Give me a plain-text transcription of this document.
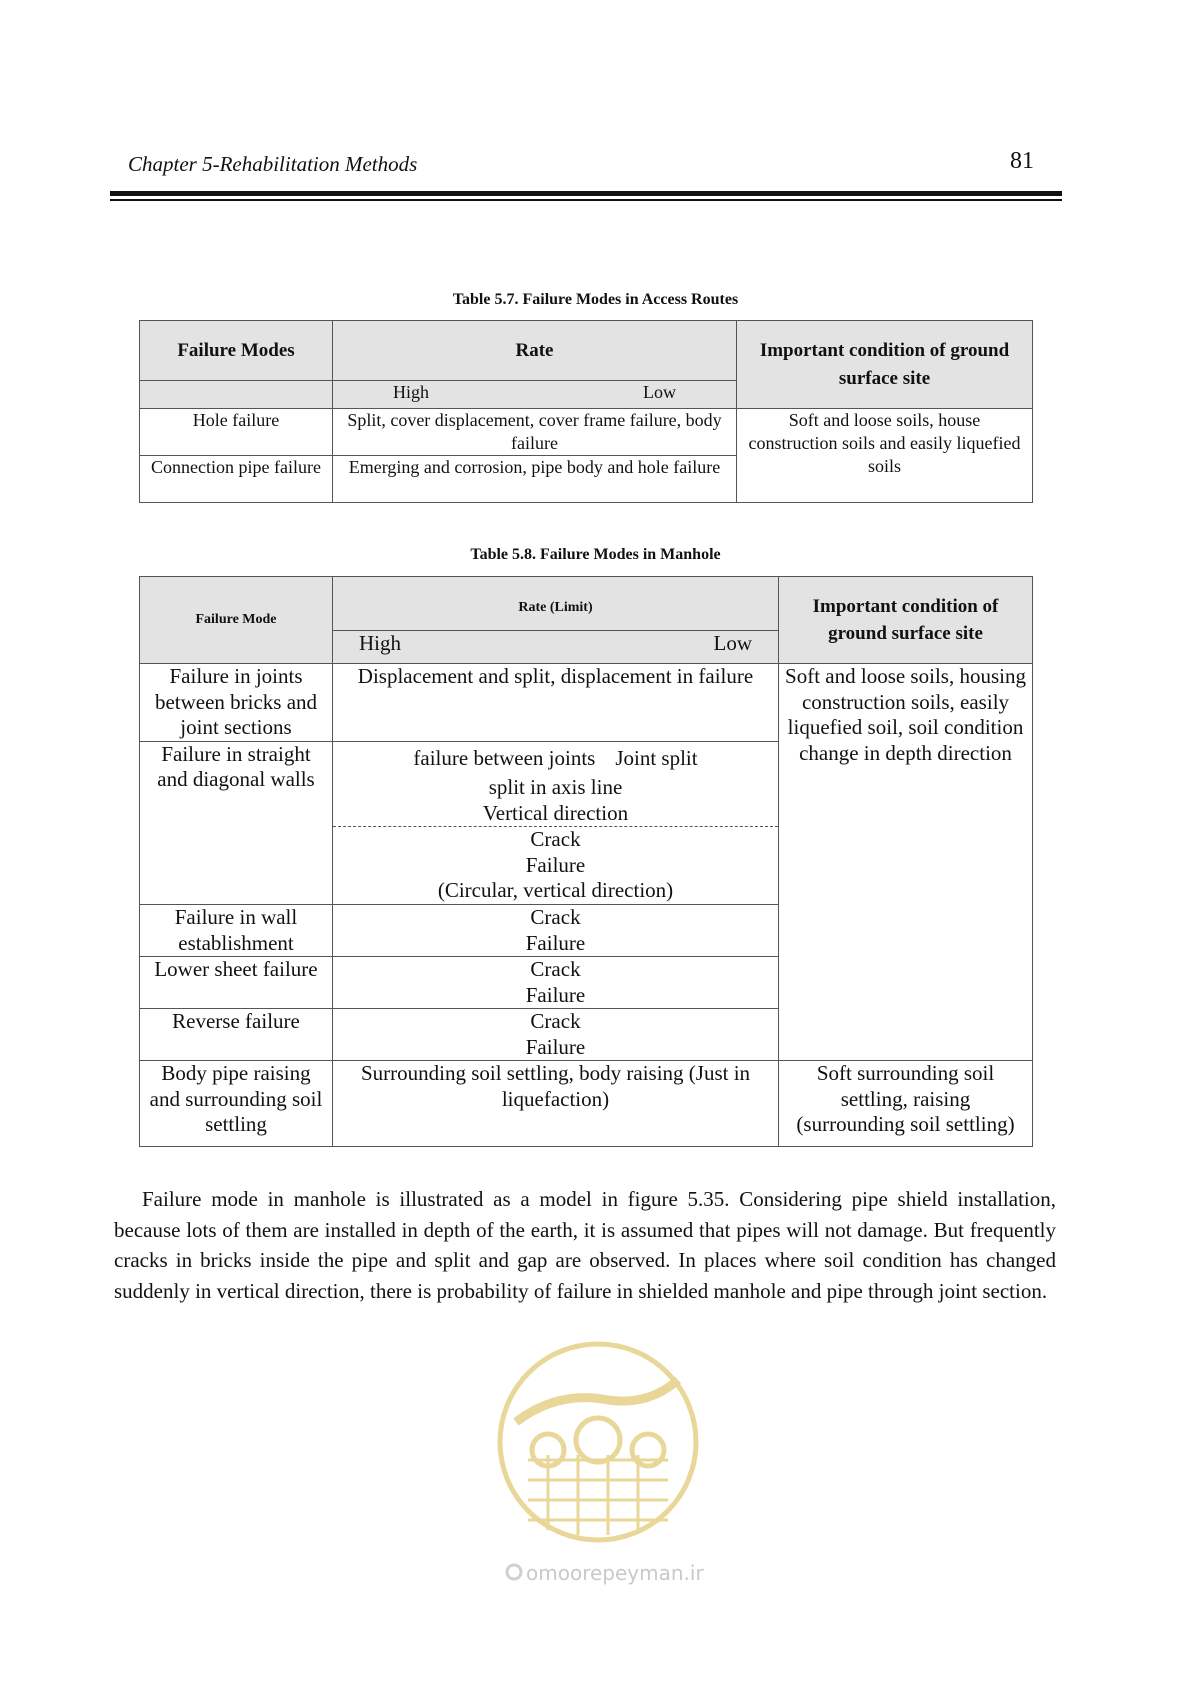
Chapter 5-Rehabilitation Methods	81
Table 5.7. Failure Modes in Access Routes
Failure Modes	Rate	Important condition of ground surface site

	High Low	

Hole failure	Split, cover displacement, cover frame failure, body failure	Soft and loose soils, house construction soils and easily liquefied soils
Connection pipe failure	Emerging and corrosion, pipe body and hole failure	
Table 5.8. Failure Modes in Manhole
Failure Mode	Rate (Limit)	Important condition of ground surface site

	High Low	

Failure in joints between bricks and joint sections	Displacement and split, displacement in failure	Soft and loose soils, housing construction soils, easily liquefied soil, soil condition change in depth direction
Failure in straight and diagonal walls	failure between joints Joint split
split in axis line
Vertical direction	

	Crack
Failure
(Circular, vertical direction)	

Failure in wall establishment	Crack
Failure	

Lower sheet failure	Crack
Failure	

Reverse failure	Crack
Failure	

Body pipe raising and surrounding soil settling	Surrounding soil settling, body raising (Just in liquefaction)	Soft surrounding soil settling, raising (surrounding soil settling)

Failure mode in manhole is illustrated as a model in figure 5.35. Considering pipe shield installation, because lots of them are installed in depth of the earth, it is assumed that pipes will not damage. But frequently cracks in bricks inside the pipe and split and gap are observed. In places where soil condition has changed suddenly in vertical direction, there is probability of failure in shielded manhole and pipe through joint section.

omoorepeyman.ir
